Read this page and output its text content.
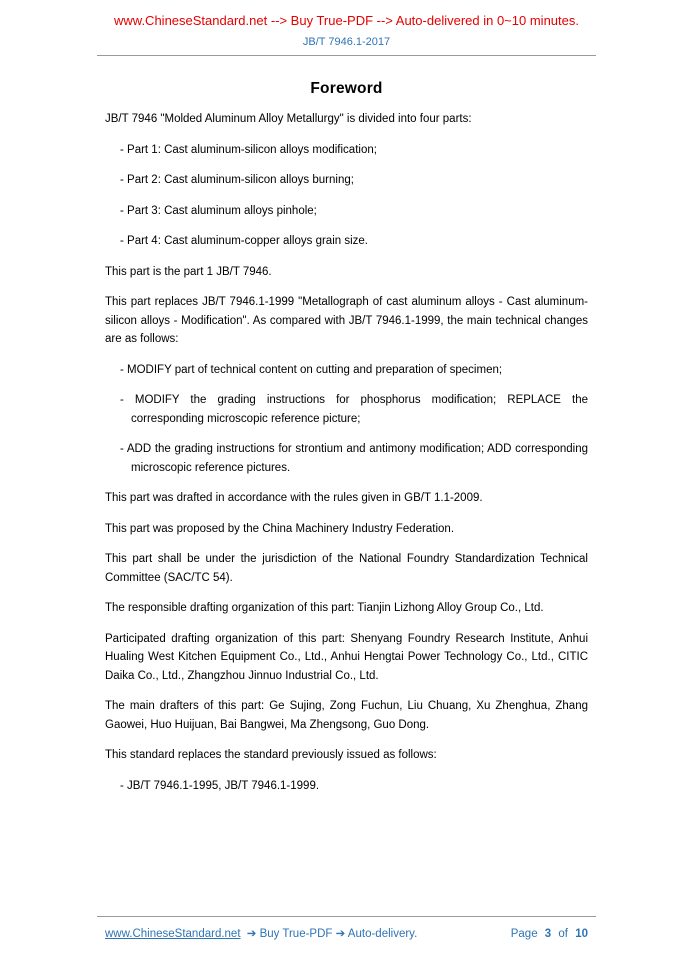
www.ChineseStandard.net --> Buy True-PDF --> Auto-delivered in 0~10 minutes.
JB/T 7946.1-2017
Foreword

JB/T 7946 "Molded Aluminum Alloy Metallurgy" is divided into four parts:

- Part 1: Cast aluminum-silicon alloys modification;

- Part 2: Cast aluminum-silicon alloys burning;

- Part 3: Cast aluminum alloys pinhole;

- Part 4: Cast aluminum-copper alloys grain size.

This part is the part 1 JB/T 7946.

This part replaces JB/T 7946.1-1999 "Metallograph of cast aluminum alloys - Cast aluminum-silicon alloys - Modification". As compared with JB/T 7946.1-1999, the main technical changes are as follows:

- MODIFY part of technical content on cutting and preparation of specimen;

- MODIFY the grading instructions for phosphorus modification; REPLACE the corresponding microscopic reference picture;

- ADD the grading instructions for strontium and antimony modification; ADD corresponding microscopic reference pictures.

This part was drafted in accordance with the rules given in GB/T 1.1-2009.

This part was proposed by the China Machinery Industry Federation.

This part shall be under the jurisdiction of the National Foundry Standardization Technical Committee (SAC/TC 54).

The responsible drafting organization of this part: Tianjin Lizhong Alloy Group Co., Ltd.

Participated drafting organization of this part: Shenyang Foundry Research Institute, Anhui Hualing West Kitchen Equipment Co., Ltd., Anhui Hengtai Power Technology Co., Ltd., CITIC Daika Co., Ltd., Zhangzhou Jinnuo Industrial Co., Ltd.

The main drafters of this part: Ge Sujing, Zong Fuchun, Liu Chuang, Xu Zhenghua, Zhang Gaowei, Huo Huijuan, Bai Bangwei, Ma Zhengsong, Guo Dong.

This standard replaces the standard previously issued as follows:

- JB/T 7946.1-1995, JB/T 7946.1-1999.

www.ChineseStandard.net ➔ Buy True-PDF ➔ Auto-delivery.	Page 3 of 10
